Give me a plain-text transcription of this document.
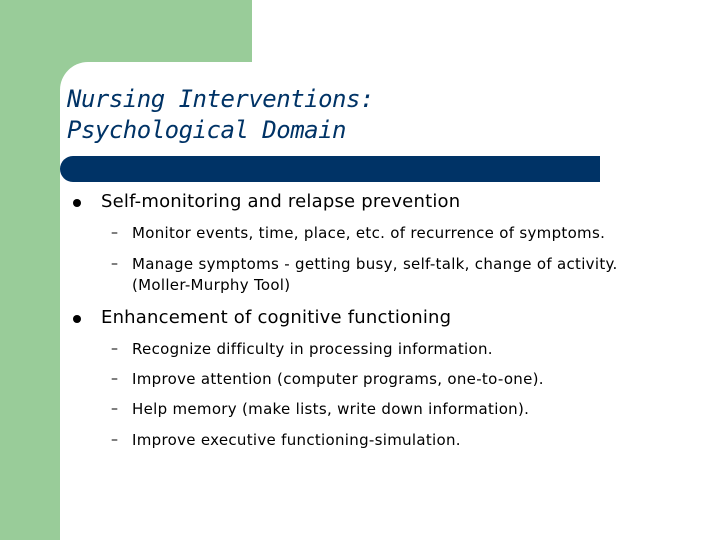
Nursing Interventions:
Psychological Domain
Self-monitoring and relapse prevention
– Monitor events, time, place, etc. of recurrence of symptoms.
– Manage symptoms - getting busy, self-talk, change of activity.
(Moller-Murphy Tool)
Enhancement of cognitive functioning
– Recognize difficulty in processing information.
– Improve attention (computer programs, one-to-one).
– Help memory (make lists, write down information).
– Improve executive functioning-simulation.
